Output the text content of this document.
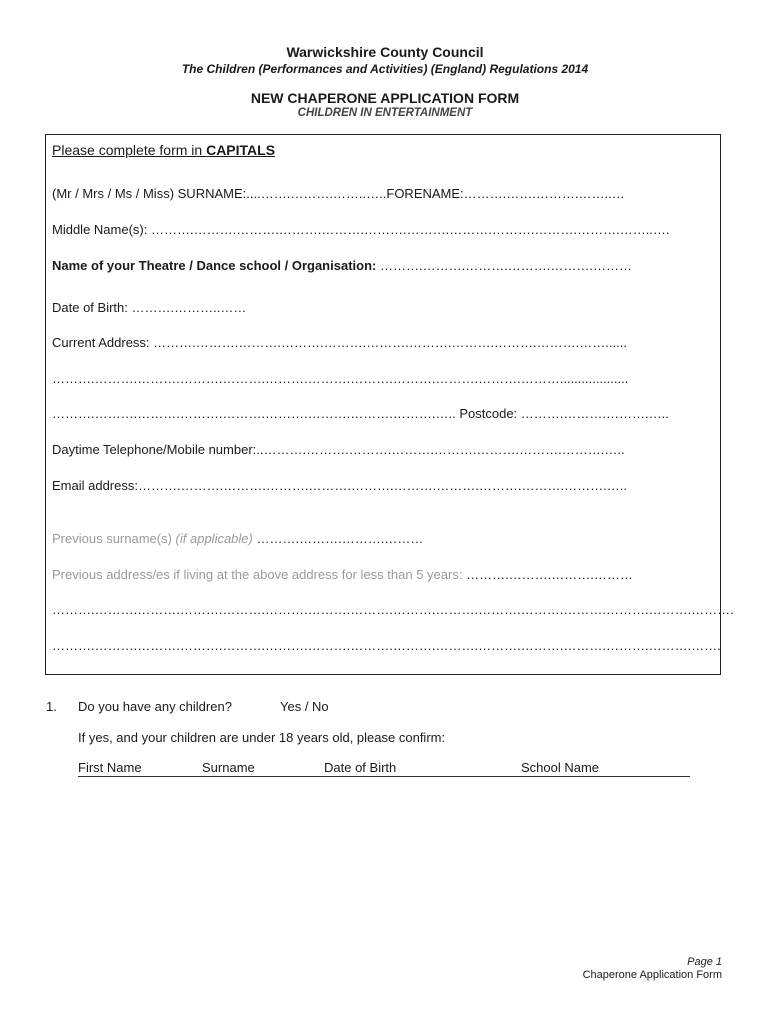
Warwickshire County Council
The Children (Performances and Activities) (England) Regulations 2014
NEW CHAPERONE APPLICATION FORM
CHILDREN IN ENTERTAINMENT
Please complete form in CAPITALS
(Mr / Mrs / Ms / Miss) SURNAME:....…….……….……..…..FORENAME:……….…….……….……..…
Middle Name(s): ……….……….……….……….……….……….……….……….……….……….……….……..….
Name of your Theatre / Dance school / Organisation: ……….……….……….……….……….………
Date of Birth: ……….………..……
Current Address: ……….……….……….……….……….……….……….……….……….……….……......
……….……….……….……….……….……….……….……….……….……….……….………...................
……….……….……….……….……….……….……….……….……….….. Postcode: ……….……….……….…..
Daytime Telephone/Mobile number:..……….……….……….……….……….……….……….……….…..
Email address:……….……….……….……….……….……….……….……….……….……….……….…..
Previous surname(s) (if applicable) ……….……….……….………
Previous address/es if living at the above address for less than 5 years: ……….……….……….………
……….……….……….……….……….……….……….……….……….……….……….……….……….……….……….……….
……….……….……….……….……….……….……….……….……….……….……….……….……….……….……….…….
1. Do you have any children?	Yes / No
If yes, and your children are under 18 years old, please confirm:
First Name	Surname	Date of Birth	School Name
Page 1
Chaperone Application Form
